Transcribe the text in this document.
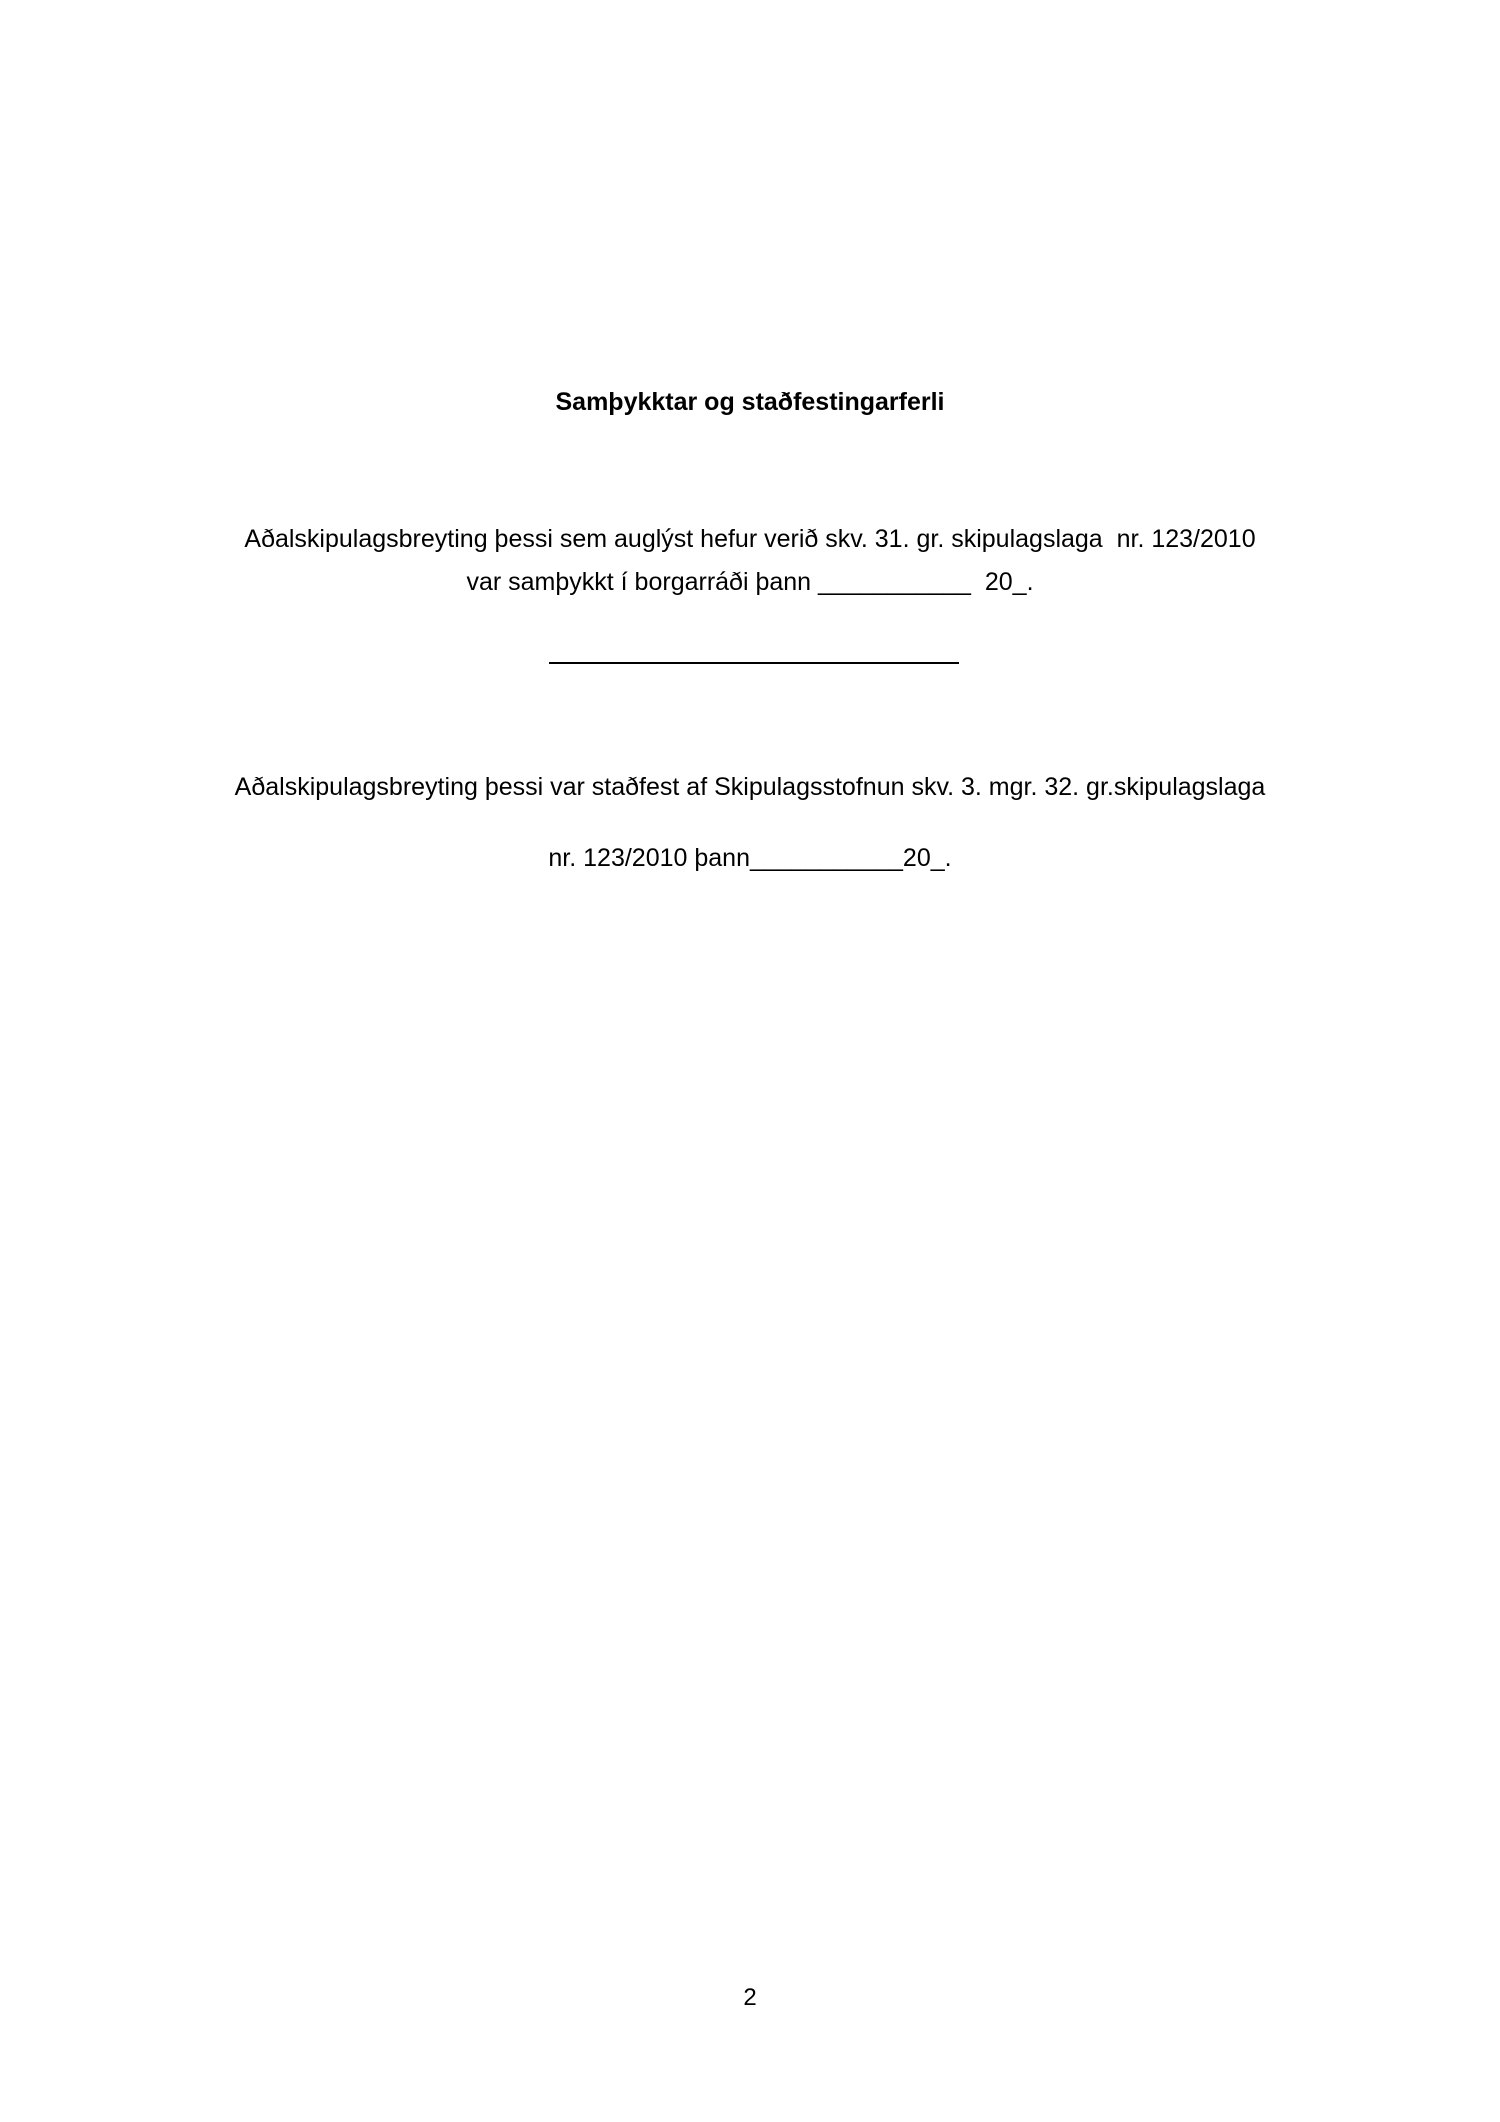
Samþykktar og staðfestingarferli
Aðalskipulagsbreyting þessi sem auglýst hefur verið skv. 31. gr. skipulagslaga  nr. 123/2010
var samþykkt í borgarráði þann ___________  20_.
Aðalskipulagsbreyting þessi var staðfest af Skipulagsstofnun skv. 3. mgr. 32. gr.skipulagslaga
nr. 123/2010 þann___________20_.
2
